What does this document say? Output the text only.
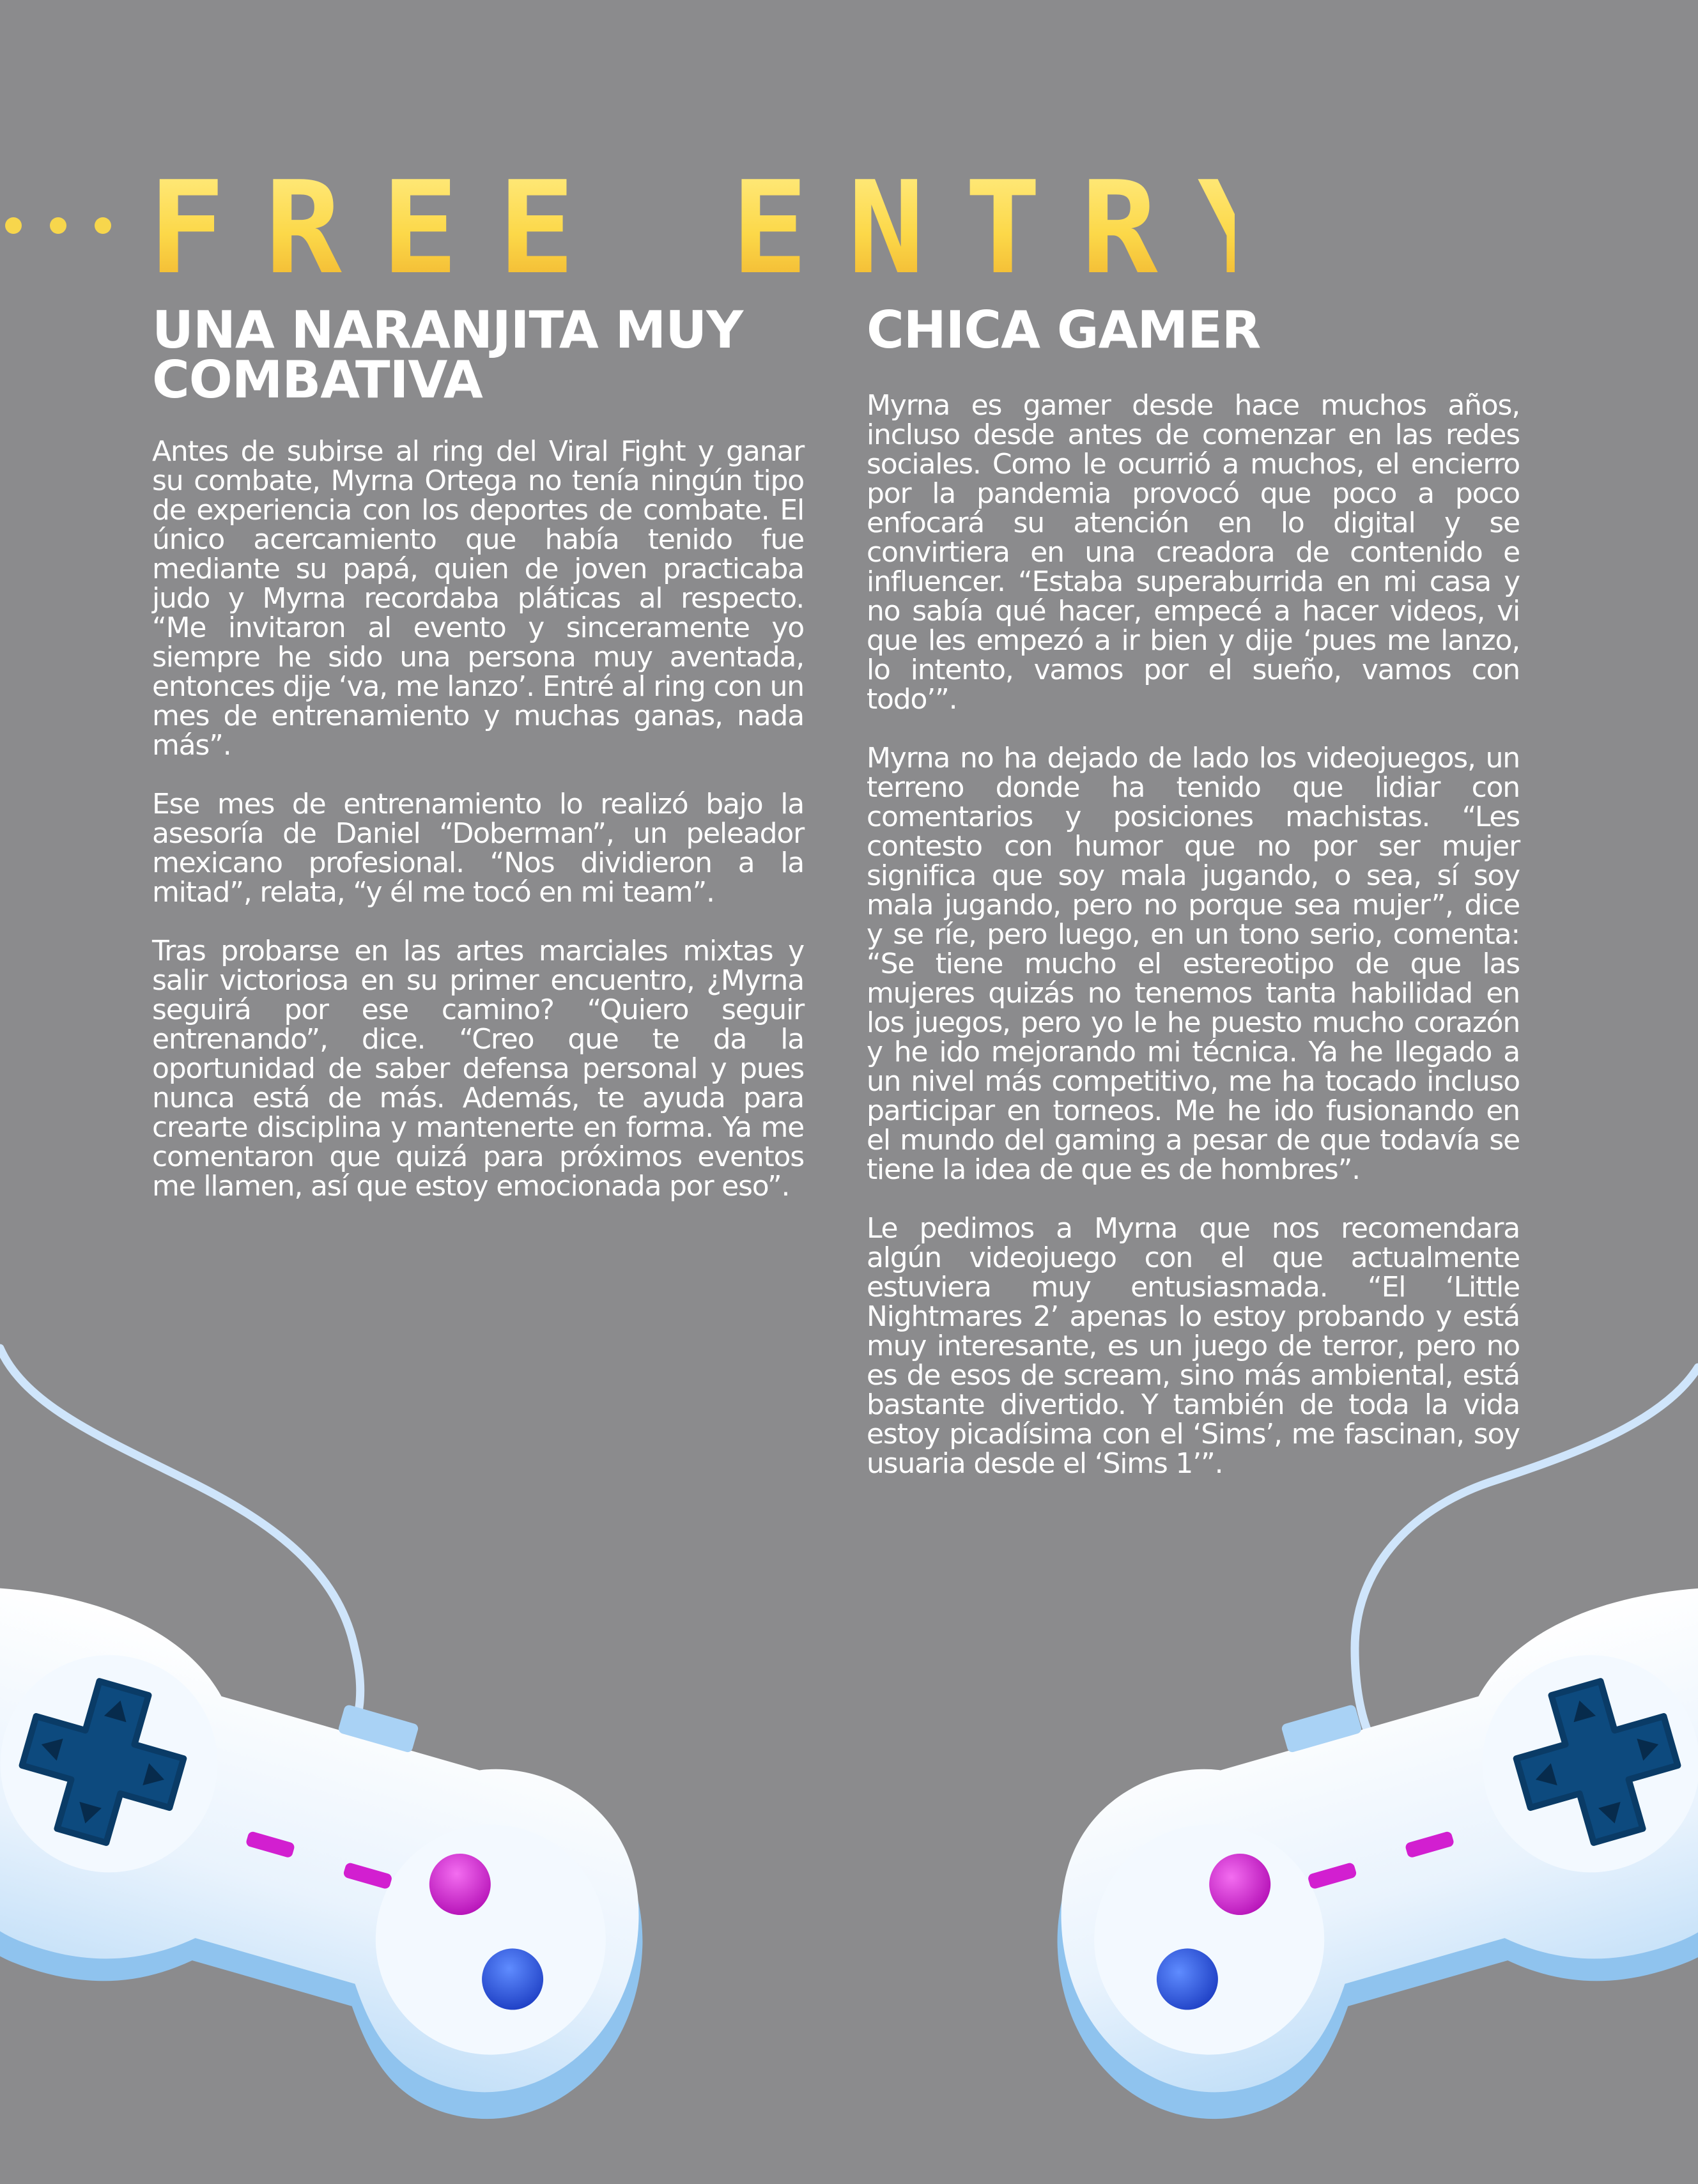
FREE ENTRY
UNA NARANJITA MUY COMBATIVA

Antes de subirse al ring del Viral Fight y ganar su combate, Myrna Ortega no tenía ningún tipo de experiencia con los deportes de combate. El único acercamiento que había tenido fue mediante su papá, quien de joven practicaba judo y Myrna recordaba pláticas al respecto. “Me invitaron al evento y sinceramente yo siempre he sido una persona muy aventada, entonces dije ‘va, me lanzo’. Entré al ring con un mes de entrenamiento y muchas ganas, nada más”.

Ese mes de entrenamiento lo realizó bajo la asesoría de Daniel “Doberman”, un peleador mexicano profesional. “Nos dividieron a la mitad”, relata, “y él me tocó en mi team”.

Tras probarse en las artes marciales mixtas y salir victoriosa en su primer encuentro, ¿Myrna seguirá por ese camino? “Quiero seguir entrenando”, dice. “Creo que te da la oportunidad de saber defensa personal y pues nunca está de más. Además, te ayuda para crearte disciplina y mantenerte en forma. Ya me comentaron que quizá para próximos eventos me llamen, así que estoy emocionada por eso”.

CHICA GAMER

Myrna es gamer desde hace muchos años, incluso desde antes de comenzar en las redes sociales. Como le ocurrió a muchos, el encierro por la pandemia provocó que poco a poco enfocará su atención en lo digital y se convirtiera en una creadora de contenido e influencer. “Estaba superaburrida en mi casa y no sabía qué hacer, empecé a hacer videos, vi que les empezó a ir bien y dije ‘pues me lanzo, lo intento, vamos por el sueño, vamos con todo’”.

Myrna no ha dejado de lado los videojuegos, un terreno donde ha tenido que lidiar con comentarios y posiciones machistas. “Les contesto con humor que no por ser mujer significa que soy mala jugando, o sea, sí soy mala jugando, pero no porque sea mujer”, dice y se ríe, pero luego, en un tono serio, comenta: “Se tiene mucho el estereotipo de que las mujeres quizás no tenemos tanta habilidad en los juegos, pero yo le he puesto mucho corazón y he ido mejorando mi técnica. Ya he llegado a un nivel más competitivo, me ha tocado incluso participar en torneos. Me he ido fusionando en el mundo del gaming a pesar de que todavía se tiene la idea de que es de hombres”.

Le pedimos a Myrna que nos recomendara algún videojuego con el que actualmente estuviera muy entusiasmada. “El ‘Little Nightmares 2’ apenas lo estoy probando y está muy interesante, es un juego de terror, pero no es de esos de scream, sino más ambiental, está bastante divertido. Y también de toda la vida estoy picadísima con el ‘Sims’, me fascinan, soy usuaria desde el ‘Sims 1’”.
